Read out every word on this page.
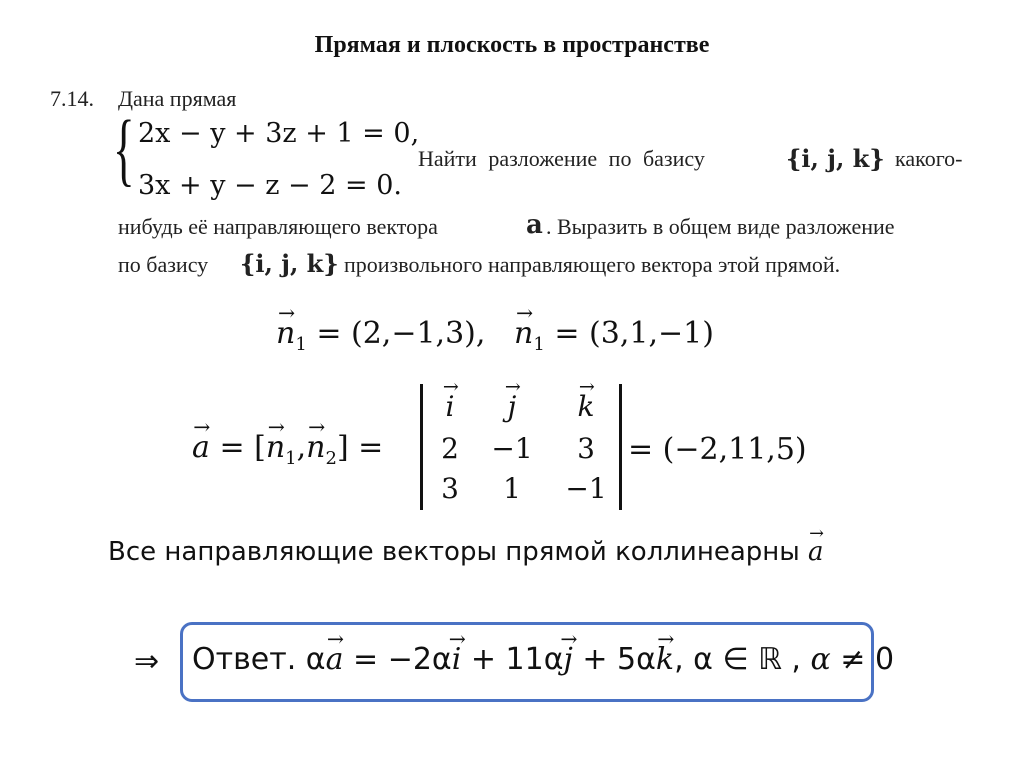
Прямая и плоскость в пространстве
7.14. Дана прямая
{ 2x − y + 3z + 1 = 0,
3x + y − z − 2 = 0.
Найти разложение по базису	{i, j, k} какого-
нибудь её направляющего вектора	a . Выразить в общем виде разложение
по базису {i, j, k} произвольного направляющего вектора этой прямой.
→ $n_1 = (2,-1,3)$, → $n_1 = (3,1,-1)$
→ a = [→ $n_1,\to n_2$] =
→ i	→ j	→ k
2	−1	3
3	1	−1
= (−2,11,5)
Все направляющие векторы прямой коллинеарны → a
⇒ Ответ. α→ a = −2α→ i + 11α→ j + 5α→ k, α ∈ ℝ , α ≠ 0
